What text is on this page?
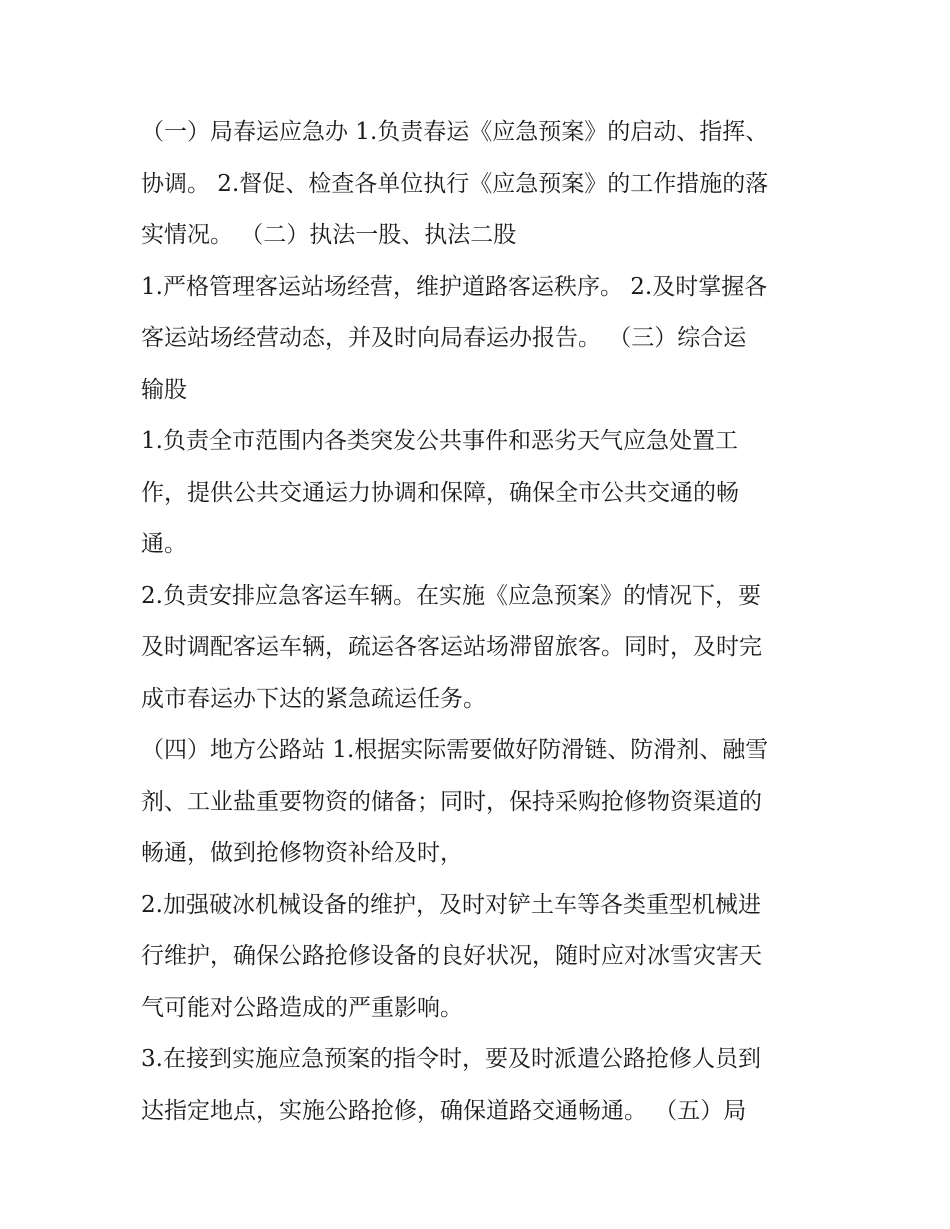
（一）局春运应急办 1.负责春运《应急预案》的启动、指挥、
协调。 2.督促、检查各单位执行《应急预案》的工作措施的落
实情况。 （二）执法一股、执法二股
1.严格管理客运站场经营，维护道路客运秩序。 2.及时掌握各
客运站场经营动态，并及时向局春运办报告。 （三）综合运
输股
1.负责全市范围内各类突发公共事件和恶劣天气应急处置工
作，提供公共交通运力协调和保障，确保全市公共交通的畅
通。
2.负责安排应急客运车辆。在实施《应急预案》的情况下，要
及时调配客运车辆，疏运各客运站场滞留旅客。同时，及时完
成市春运办下达的紧急疏运任务。
（四）地方公路站 1.根据实际需要做好防滑链、防滑剂、融雪
剂、工业盐重要物资的储备；同时，保持采购抢修物资渠道的
畅通，做到抢修物资补给及时，
2.加强破冰机械设备的维护，及时对铲土车等各类重型机械进
行维护，确保公路抢修设备的良好状况，随时应对冰雪灾害天
气可能对公路造成的严重影响。
3.在接到实施应急预案的指令时，要及时派遣公路抢修人员到
达指定地点，实施公路抢修，确保道路交通畅通。 （五）局
